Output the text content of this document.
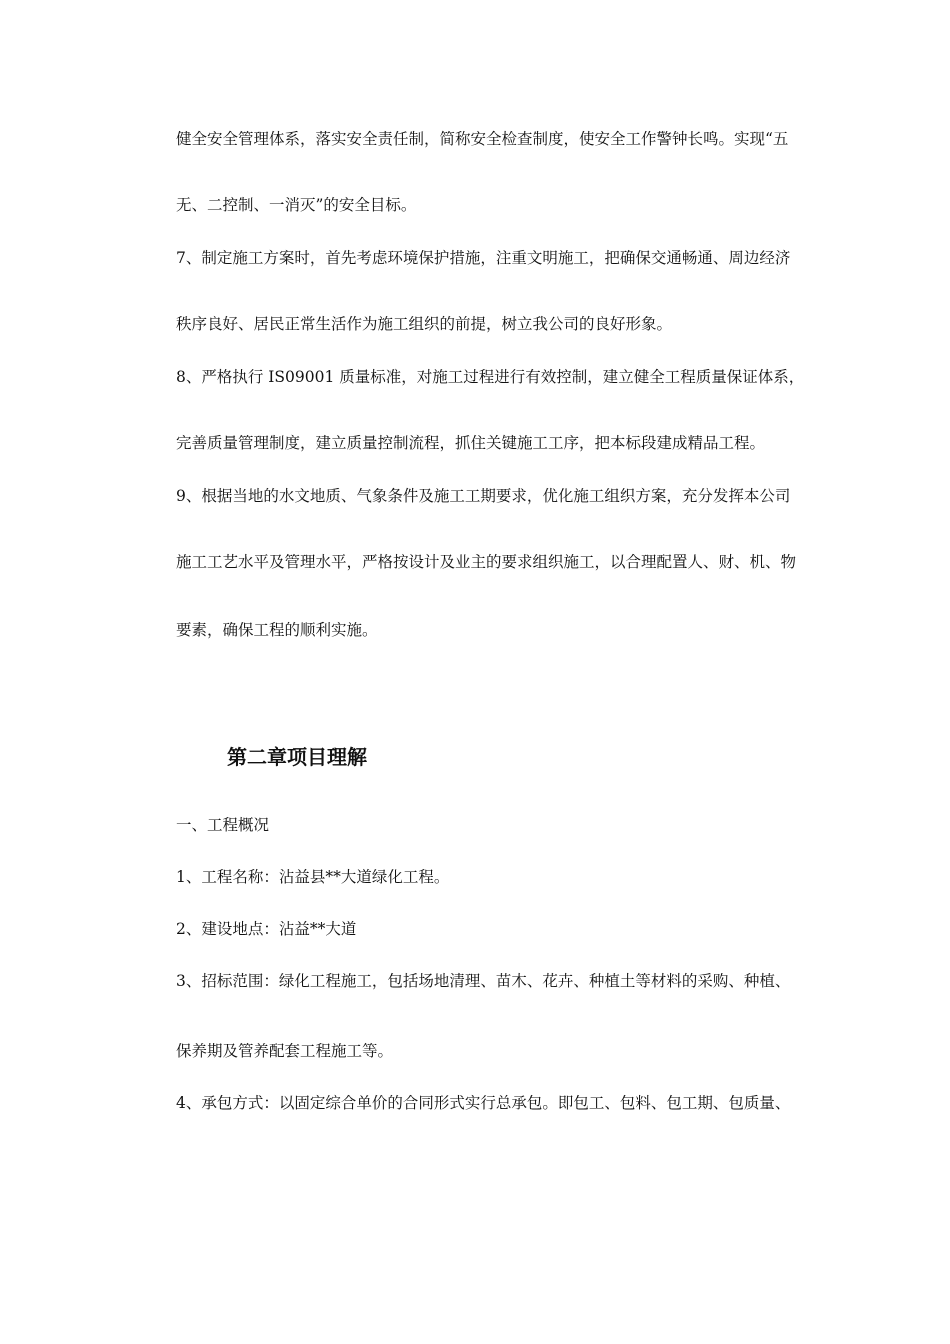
健全安全管理体系，落实安全责任制，简称安全检查制度，使安全工作警钟长鸣。实现“五
无、二控制、一消灭”的安全目标。
7、制定施工方案时，首先考虑环境保护措施，注重文明施工，把确保交通畅通、周边经济
秩序良好、居民正常生活作为施工组织的前提，树立我公司的良好形象。
8、严格执行 IS09001 质量标准，对施工过程进行有效控制，建立健全工程质量保证体系，
完善质量管理制度，建立质量控制流程，抓住关键施工工序，把本标段建成精品工程。
9、根据当地的水文地质、气象条件及施工工期要求，优化施工组织方案，充分发挥本公司
施工工艺水平及管理水平，严格按设计及业主的要求组织施工，以合理配置人、财、机、物
要素，确保工程的顺利实施。
第二章项目理解
一、工程概况
1、工程名称：沾益县**大道绿化工程。
2、建设地点：沾益**大道
3、招标范围：绿化工程施工，包括场地清理、苗木、花卉、种植土等材料的采购、种植、
保养期及管养配套工程施工等。
4、承包方式：以固定综合单价的合同形式实行总承包。即包工、包料、包工期、包质量、
